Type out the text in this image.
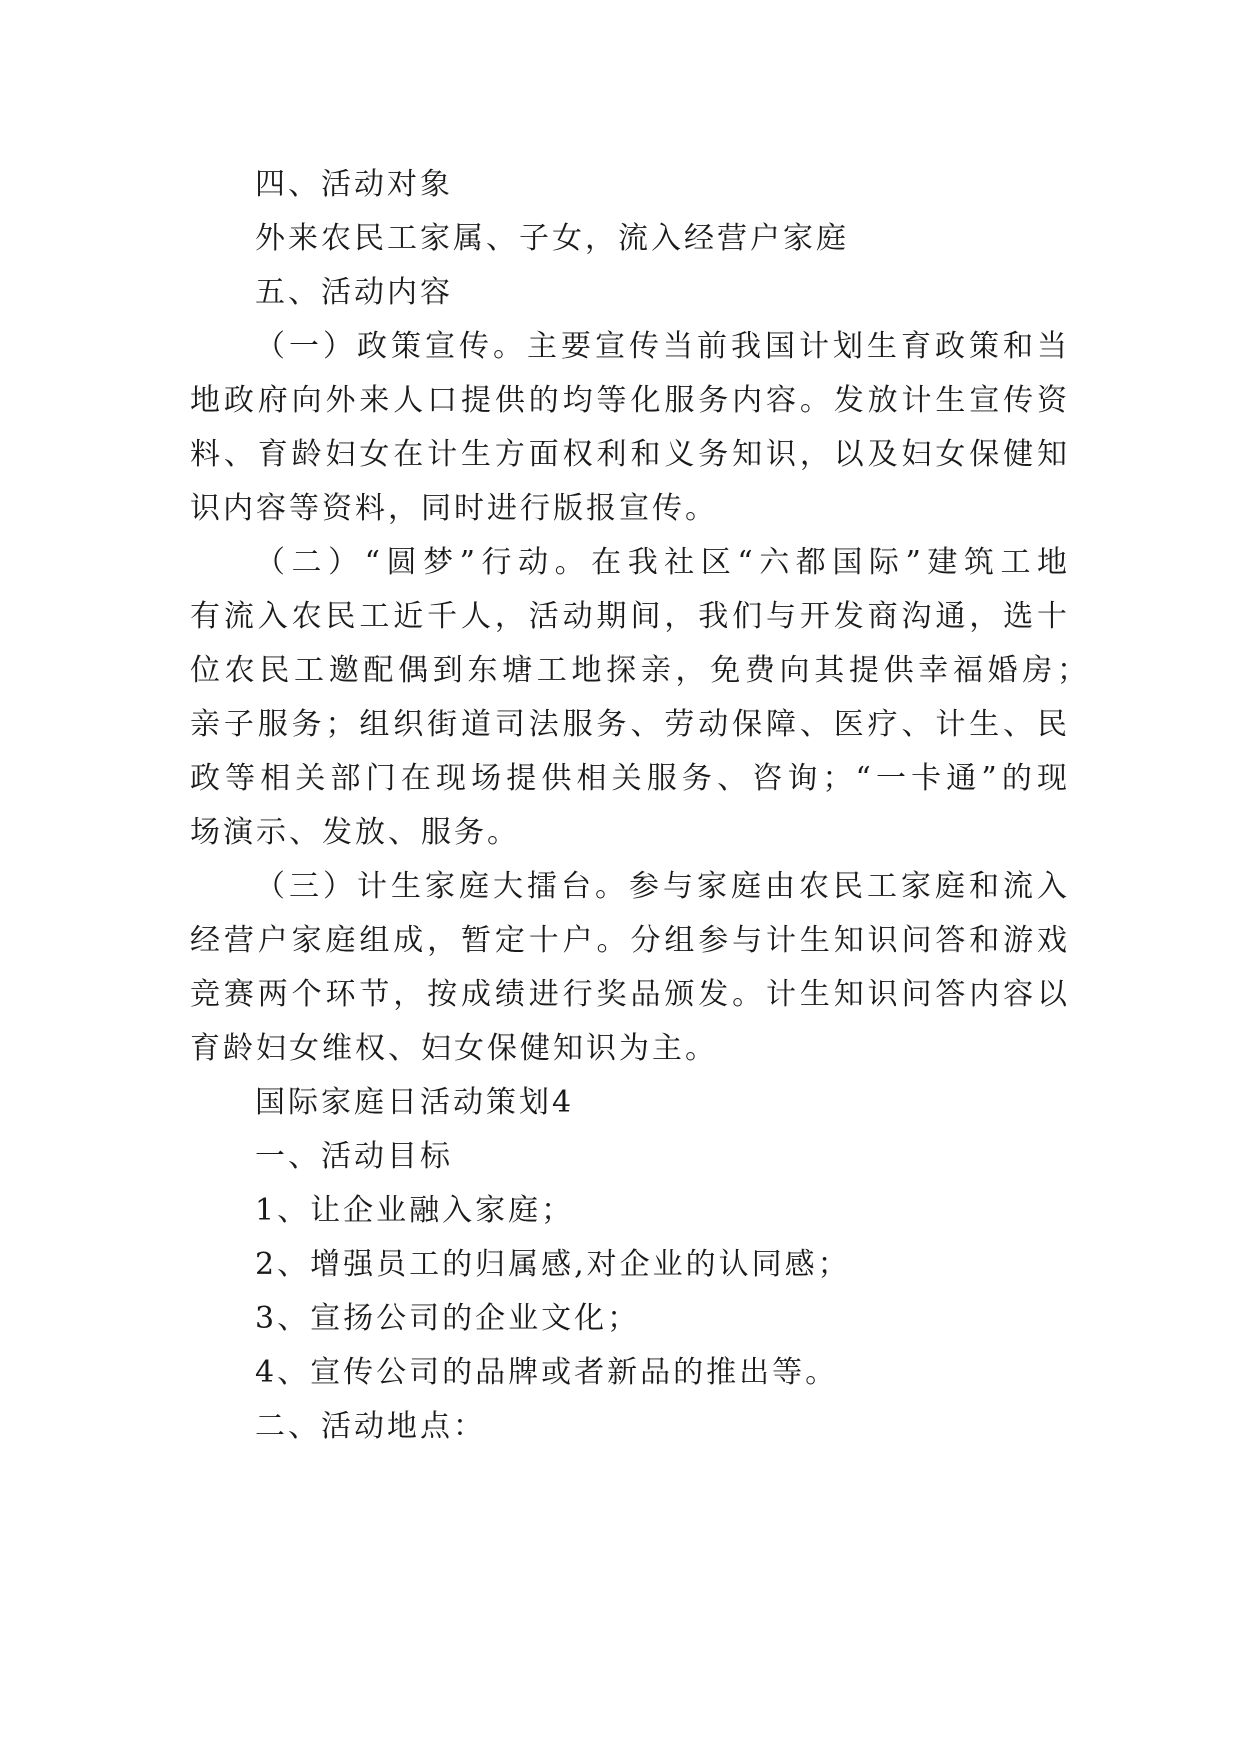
四、活动对象
外来农民工家属、子女，流入经营户家庭
五、活动内容
（一）政策宣传。主要宣传当前我国计划生育政策和当
地政府向外来人口提供的均等化服务内容。发放计生宣传资
料、育龄妇女在计生方面权利和义务知识，以及妇女保健知
识内容等资料，同时进行版报宣传。
（二）“圆梦”行动。在我社区“六都国际”建筑工地
有流入农民工近千人，活动期间，我们与开发商沟通，选十
位农民工邀配偶到东塘工地探亲，免费向其提供幸福婚房；
亲子服务；组织街道司法服务、劳动保障、医疗、计生、民
政等相关部门在现场提供相关服务、咨询；“一卡通”的现
场演示、发放、服务。
（三）计生家庭大擂台。参与家庭由农民工家庭和流入
经营户家庭组成，暂定十户。分组参与计生知识问答和游戏
竞赛两个环节，按成绩进行奖品颁发。计生知识问答内容以
育龄妇女维权、妇女保健知识为主。
国际家庭日活动策划4
一、活动目标
1、让企业融入家庭；
2、增强员工的归属感,对企业的认同感；
3、宣扬公司的企业文化；
4、宣传公司的品牌或者新品的推出等。
二、活动地点：
